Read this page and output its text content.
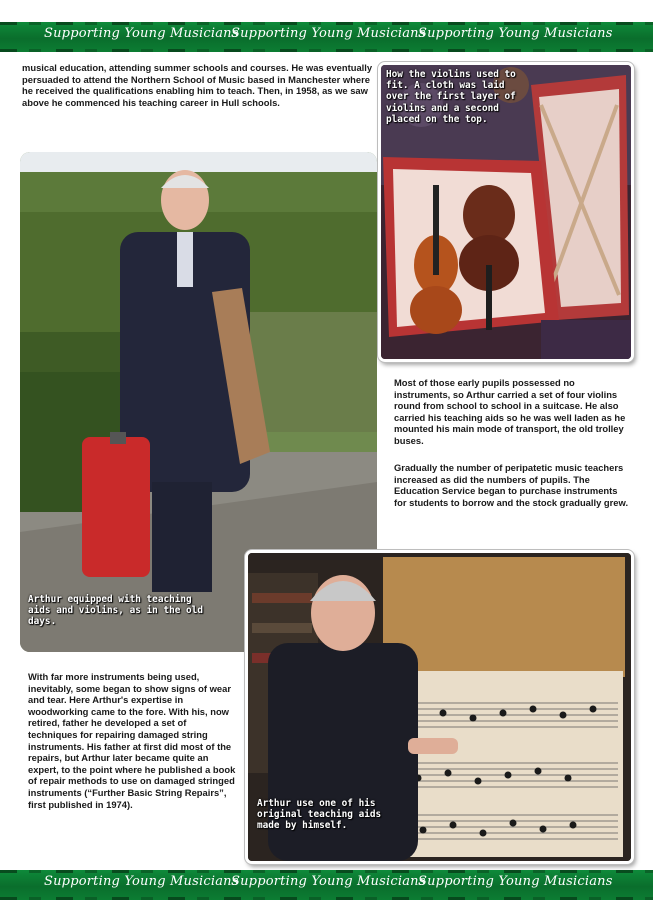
Supporting Young Musicians
Supporting Young Musicians
Supporting Young Musicians

musical education, attending summer schools and courses. He was eventually persuaded to attend the Northern School of Music based in Manchester where he received the qualifications enabling him to teach. Then, in 1958, as we saw above he commenced his teaching career in Hull schools.

How the violins used to fit. A cloth was laid over the first layer of violins and a second placed on the top.

Arthur equipped with teaching aids and violins, as in the old days.

Most of those early pupils possessed no instruments, so Arthur carried a set of four violins round from school to school in a suitcase. He also carried his teaching aids so he was well laden as he mounted his main mode of transport, the old trolley buses.

Gradually the number of peripatetic music teachers increased as did the numbers of pupils. The Education Service began to purchase instruments for students to borrow and the stock gradually grew.

With far more instruments being used, inevitably, some began to show signs of wear and tear. Here Arthur's expertise in woodworking came to the fore. With his, now retired, father he developed a set of techniques for repairing damaged string instruments. His father at first did most of the repairs, but Arthur later became quite an expert, to the point where he published a book of repair methods to use on damaged stringed instruments (“Further Basic String Repairs”, first published in 1974).	Arthur use one of his original teaching aids made by himself.

Supporting Young Musicians
Supporting Young Musicians
Supporting Young Musicians
